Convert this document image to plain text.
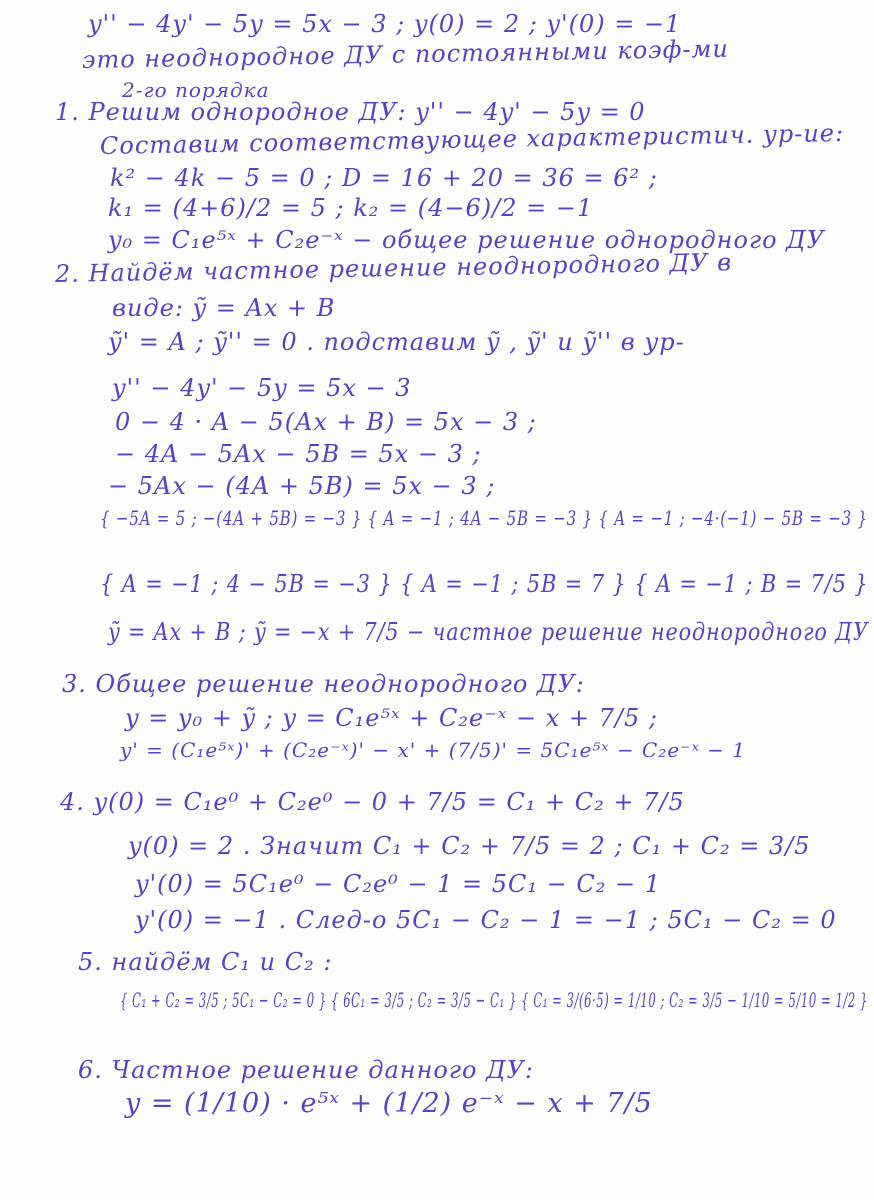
y'' − 4y' − 5y = 5x − 3 ; y(0) = 2 ; y'(0) = −1
это неоднородное ДУ с постоянными коэф-ми
2-го порядка
1. Решим однородное ДУ: y'' − 4y' − 5y = 0
Составим соответствующее характеристич. ур-ие:
k² − 4k − 5 = 0 ; D = 16 + 20 = 36 = 6² ;
k₁ = (4+6)/2 = 5 ; k₂ = (4−6)/2 = −1
y₀ = C₁e⁵ˣ + C₂e⁻ˣ − общее решение однородного ДУ
2. Найдём частное решение неоднородного ДУ в
виде: ỹ = Ax + B
ỹ' = A ; ỹ'' = 0 . подставим ỹ , ỹ' и ỹ'' в ур-
y'' − 4y' − 5y = 5x − 3
0 − 4 · A − 5(Ax + B) = 5x − 3 ;
− 4A − 5Ax − 5B = 5x − 3 ;
− 5Ax − (4A + 5B) = 5x − 3 ;
{ −5A = 5 ; −(4A + 5B) = −3 } { A = −1 ; 4A − 5B = −3 } { A = −1 ; −4·(−1) − 5B = −3 }
{ A = −1 ; 4 − 5B = −3 } { A = −1 ; 5B = 7 } { A = −1 ; B = 7/5 }
ỹ = Ax + B ; ỹ = −x + 7/5 − частное решение неоднородного ДУ
3. Общее решение неоднородного ДУ:
y = y₀ + ỹ ; y = C₁e⁵ˣ + C₂e⁻ˣ − x + 7/5 ;
y' = (C₁e⁵ˣ)' + (C₂e⁻ˣ)' − x' + (7/5)' = 5C₁e⁵ˣ − C₂e⁻ˣ − 1
4. y(0) = C₁e⁰ + C₂e⁰ − 0 + 7/5 = C₁ + C₂ + 7/5
y(0) = 2 . Значит C₁ + C₂ + 7/5 = 2 ; C₁ + C₂ = 3/5
y'(0) = 5C₁e⁰ − C₂e⁰ − 1 = 5C₁ − C₂ − 1
y'(0) = −1 . След-о 5C₁ − C₂ − 1 = −1 ; 5C₁ − C₂ = 0
5. найдём C₁ и C₂ :
{ C₁ + C₂ = 3/5 ; 5C₁ − C₂ = 0 } { 6C₁ = 3/5 ; C₂ = 3/5 − C₁ } { C₁ = 3/(6·5) = 1/10 ; C₂ = 3/5 − 1/10 = 5/10 = 1/2 }
6. Частное решение данного ДУ:
y = (1/10) · e⁵ˣ + (1/2) e⁻ˣ − x + 7/5
